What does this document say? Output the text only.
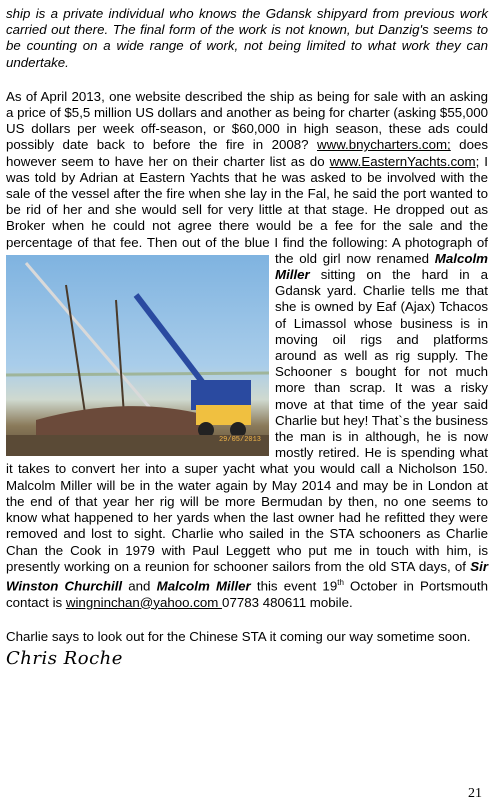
ship is a private individual who knows the Gdansk shipyard from previous work carried out there. The final form of the work is not known, but Danzig's seems to be counting on a wide range of work, not being limited to what work they can undertake.

As of April 2013, one website described the ship as being for sale with an asking a price of $5,5 million US dollars and another as being for charter (asking $55,000 US dollars per week off-season, or $60,000 in high season, these ads could possibly date back to before the fire in 2008? www.bnycharters.com; does however seem to have her on their charter list as do www.EasternYachts.com; I was told by Adrian at Eastern Yachts that he was asked to be involved with the sale of the vessel after the fire when she lay in the Fal, he said the port wanted to be rid of her and she would sell for very little at that stage. He dropped out as Broker when he could not agree there would be a fee for the sale and the percentage of that fee. Then out of the blue I find the following: A photograph of the old girl now renamed
29/05/2013
Malcolm Miller sitting on the hard in a Gdansk yard. Charlie tells me that she is owned by Eaf (Ajax) Tchacos of Limassol whose business is in moving oil rigs and platforms around as well as rig supply. The Schooner s bought for not much more than scrap. It was a risky move at that time of the year said Charlie but hey! That`s the business the man is in although, he is now mostly retired. He is spending what it takes to convert her into a super yacht what you would call a Nicholson 150. Malcolm Miller will be in the water again by May 2014 and may be in London at the end of that year her rig will be more Bermudan by then, no one seems to know what happened to her yards when the last owner had he refitted they were removed and lost to sight. Charlie who sailed in the STA schooners as Charlie Chan the Cook in 1979 with Paul Leggett who put me in touch with him, is presently working on a reunion for schooner sailors from the old STA days, of Sir Winston Churchill and Malcolm Miller this event 19th October in Portsmouth contact is wingninchan@yahoo.com 07783 480611 mobile.

Charlie says to look out for the Chinese STA it coming our way sometime soon.

Chris Roche
21
